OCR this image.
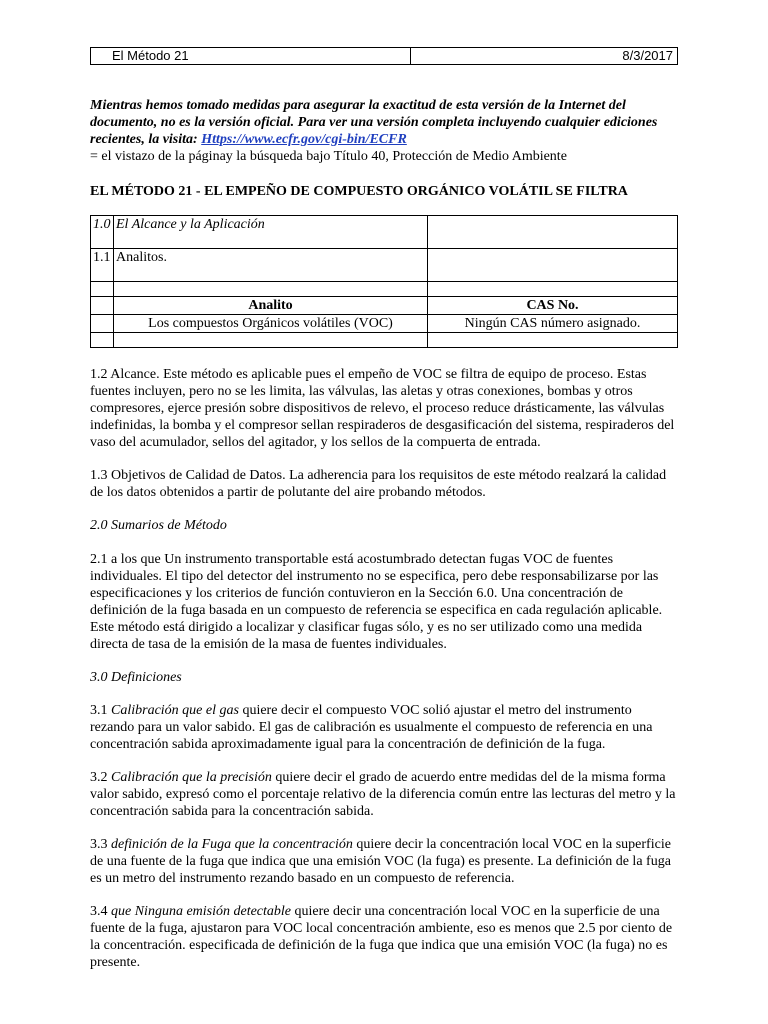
El Método 21	8/3/2017
Mientras hemos tomado medidas para asegurar la exactitud de esta versión de la Internet del documento, no es la versión oficial. Para ver una versión completa incluyendo cualquier ediciones recientes, la visita: Https://www.ecfr.gov/cgi-bin/ECFR
= el vistazo de la páginay la búsqueda bajo Título 40, Protección de Medio Ambiente
EL MÉTODO 21 - EL EMPEÑO DE COMPUESTO ORGÁNICO VOLÁTIL SE FILTRA
1.0	El Alcance y la Aplicación	
1.1	Analitos.	

	Analito	CAS No.
	Los compuestos Orgánicos volátiles (VOC)	Ningún CAS número asignado.

1.2 Alcance. Este método es aplicable pues el empeño de VOC se filtra de equipo de proceso. Estas fuentes incluyen, pero no se les limita, las válvulas, las aletas y otras conexiones, bombas y otros compresores, ejerce presión sobre dispositivos de relevo, el proceso reduce drásticamente, las válvulas indefinidas, la bomba y el compresor sellan respiraderos de desgasificación del sistema, respiraderos del vaso del acumulador, sellos del agitador, y los sellos de la compuerta de entrada.
1.3 Objetivos de Calidad de Datos. La adherencia para los requisitos de este método realzará la calidad de los datos obtenidos a partir de polutante del aire probando métodos.
2.0 Sumarios de Método
2.1 a los que Un instrumento transportable está acostumbrado detectan fugas VOC de fuentes individuales. El tipo del detector del instrumento no se especifica, pero debe responsabilizarse por las especificaciones y los criterios de función contuvieron en la Sección 6.0. Una concentración de definición de la fuga basada en un compuesto de referencia se especifica en cada regulación aplicable. Este método está dirigido a localizar y clasificar fugas sólo, y es no ser utilizado como una medida directa de tasa de la emisión de la masa de fuentes individuales.
3.0 Definiciones
3.1 Calibración que el gas quiere decir el compuesto VOC solió ajustar el metro del instrumento rezando para un valor sabido. El gas de calibración es usualmente el compuesto de referencia en una concentración sabida aproximadamente igual para la concentración de definición de la fuga.
3.2 Calibración que la precisión quiere decir el grado de acuerdo entre medidas del de la misma forma valor sabido, expresó como el porcentaje relativo de la diferencia común entre las lecturas del metro y la concentración sabida para la concentración sabida.
3.3 definición de la Fuga que la concentración quiere decir la concentración local VOC en la superficie de una fuente de la fuga que indica que una emisión VOC (la fuga) es presente. La definición de la fuga es un metro del instrumento rezando basado en un compuesto de referencia.
3.4 que Ninguna emisión detectable quiere decir una concentración local VOC en la superficie de una fuente de la fuga, ajustaron para VOC local concentración ambiente, eso es menos que 2.5 por ciento de la concentración. especificada de definición de la fuga que indica que una emisión VOC (la fuga) no es presente.
